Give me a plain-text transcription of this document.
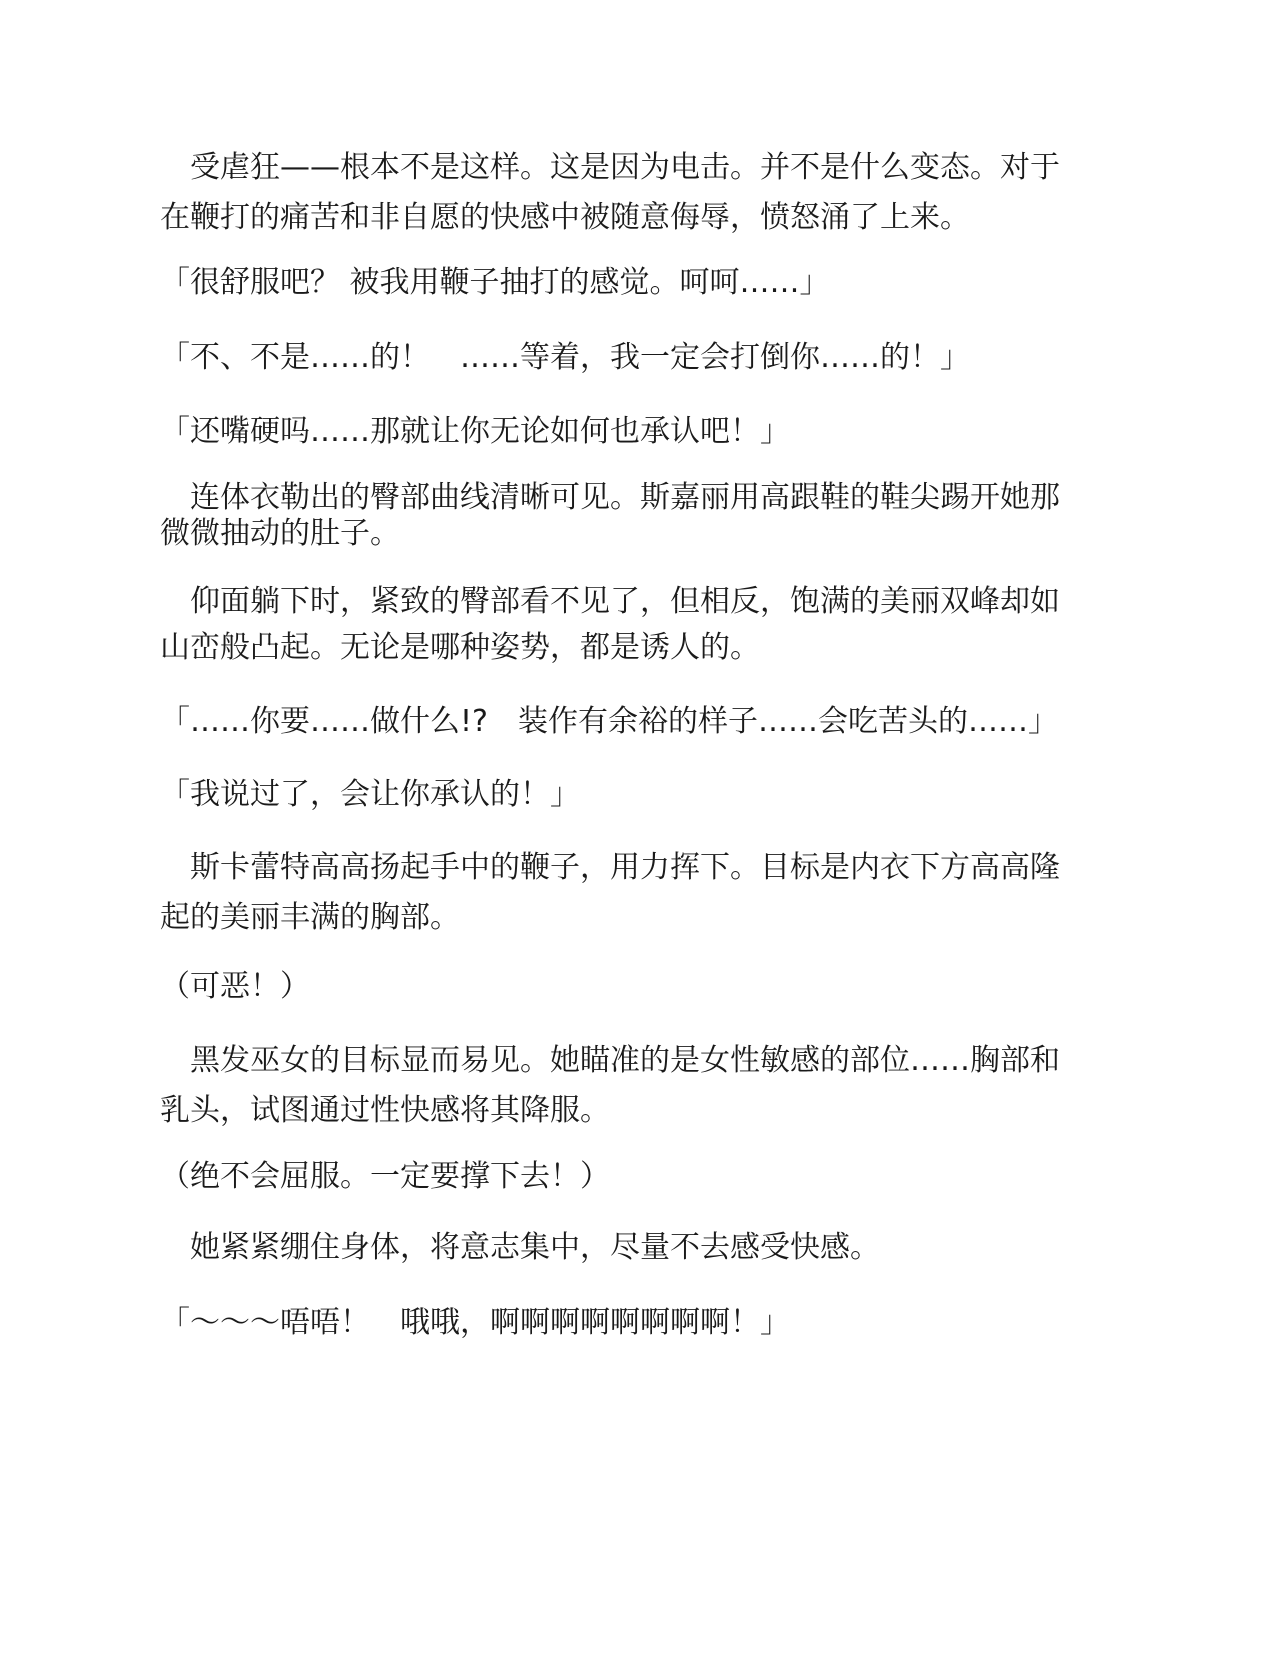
受虐狂——根本不是这样。这是因为电击。并不是什么变态。对于
在鞭打的痛苦和非自愿的快感中被随意侮辱，愤怒涌了上来。
「很舒服吧？ 被我用鞭子抽打的感觉。呵呵……」
「不、不是……的！　……等着，我一定会打倒你……的！」
「还嘴硬吗……那就让你无论如何也承认吧！」
连体衣勒出的臀部曲线清晰可见。斯嘉丽用高跟鞋的鞋尖踢开她那
微微抽动的肚子。
仰面躺下时，紧致的臀部看不见了，但相反，饱满的美丽双峰却如
山峦般凸起。无论是哪种姿势，都是诱人的。
「……你要……做什么!?　装作有余裕的样子……会吃苦头的……」
「我说过了，会让你承认的！」
斯卡蕾特高高扬起手中的鞭子，用力挥下。目标是内衣下方高高隆
起的美丽丰满的胸部。
（可恶！）
黑发巫女的目标显而易见。她瞄准的是女性敏感的部位……胸部和
乳头，试图通过性快感将其降服。
（绝不会屈服。一定要撑下去！）
她紧紧绷住身体，将意志集中，尽量不去感受快感。
「～～～唔唔！　哦哦，啊啊啊啊啊啊啊啊！」
